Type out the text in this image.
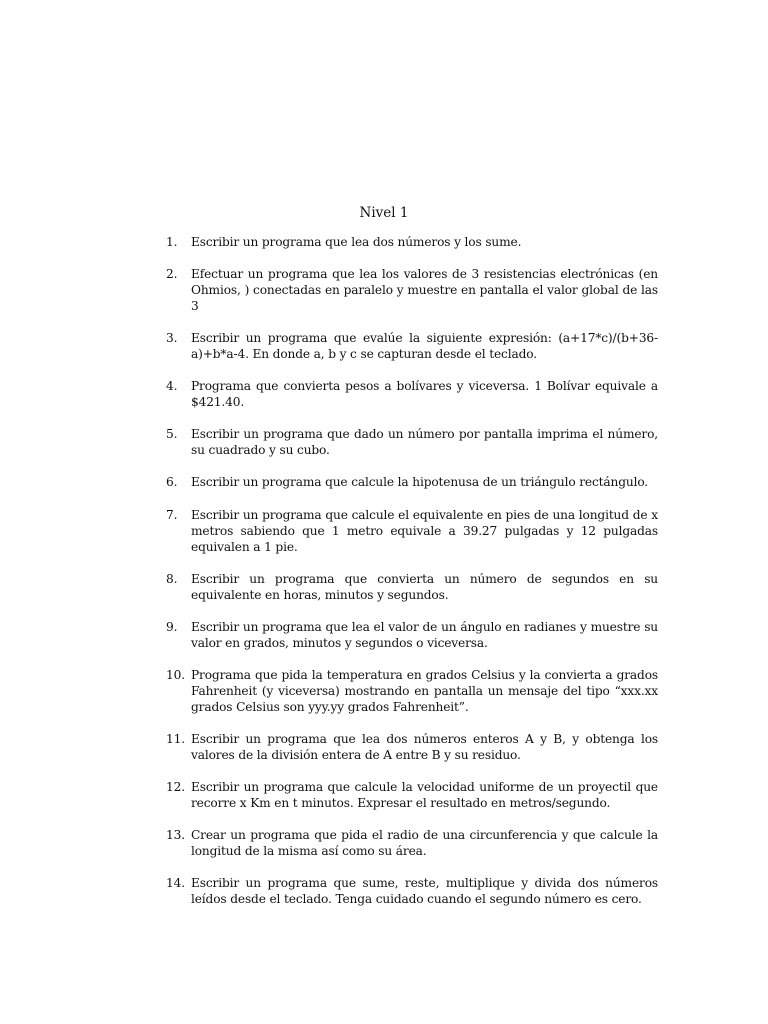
Nivel 1
1.	Escribir un programa que lea dos números y los sume.
2.	Efectuar un programa que lea los valores de 3 resistencias electrónicas (en Ohmios, ) conectadas en paralelo y muestre en pantalla el valor global de las 3
3.	Escribir un programa que evalúe la siguiente expresión: (a+17*c)/(b+36-a)+b*a-4. En donde a, b y c se capturan desde el teclado.
4.	Programa que convierta pesos a bolívares y viceversa. 1 Bolívar equivale a $421.40.
5.	Escribir un programa que dado un número por pantalla imprima el número, su cuadrado y su cubo.
6.	Escribir un programa que calcule la hipotenusa de un triángulo rectángulo.
7.	Escribir un programa que calcule el equivalente en pies de una longitud de x metros sabiendo que 1 metro equivale a 39.27 pulgadas y 12 pulgadas equivalen a 1 pie.
8.	Escribir un programa que convierta un número de segundos en su equivalente en horas, minutos y segundos.
9.	Escribir un programa que lea el valor de un ángulo en radianes y muestre su valor en grados, minutos y segundos o viceversa.
10. Programa que pida la temperatura en grados Celsius y la convierta a grados Fahrenheit (y viceversa) mostrando en pantalla un mensaje del tipo “xxx.xx grados Celsius son yyy.yy grados Fahrenheit”.
11. Escribir un programa que lea dos números enteros A y B, y obtenga los valores de la división entera de A entre B y su residuo.
12. Escribir un programa que calcule la velocidad uniforme de un proyectil que recorre x Km en t minutos. Expresar el resultado en metros/segundo.
13. Crear un programa que pida el radio de una circunferencia y que calcule la longitud de la misma así como su área.
14. Escribir un programa que sume, reste, multiplique y divida dos números leídos desde el teclado. Tenga cuidado cuando el segundo número es cero.
